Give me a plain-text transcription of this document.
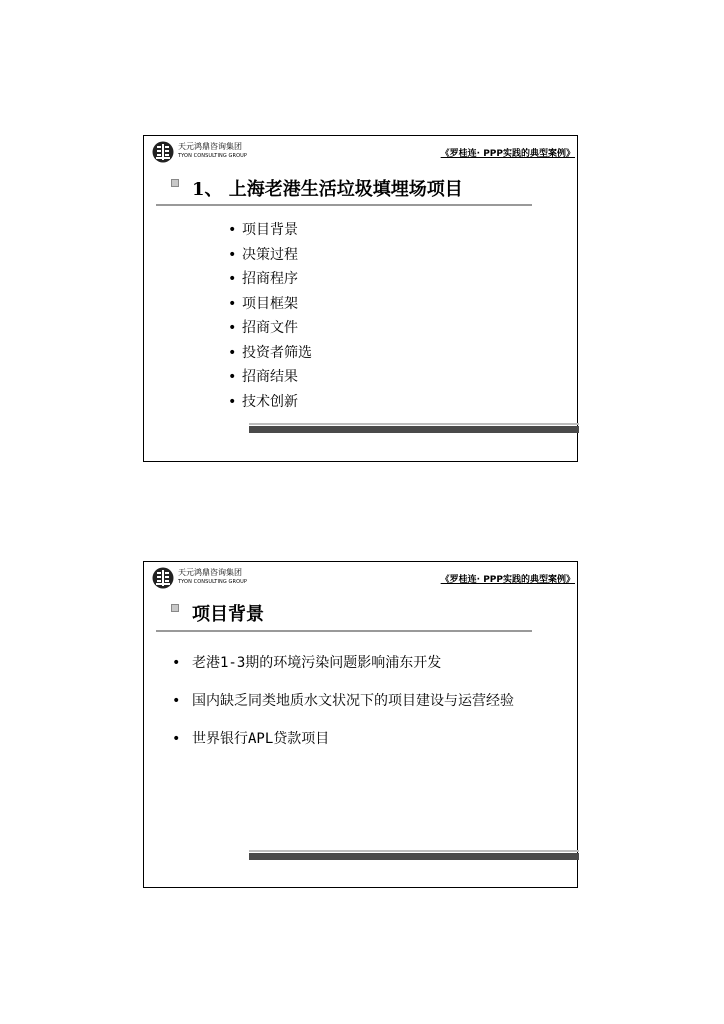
天元鸿鼎咨询集团
TYON CONSULTING GROUP	《罗桂连· PPP实践的典型案例》
1、 上海老港生活垃圾填埋场项目
• 项目背景
• 决策过程
• 招商程序
• 项目框架
• 招商文件
• 投资者筛选
• 招商结果
• 技术创新
天元鸿鼎咨询集团
TYON CONSULTING GROUP	《罗桂连· PPP实践的典型案例》
项目背景
• 老港1-3期的环境污染问题影响浦东开发
• 国内缺乏同类地质水文状况下的项目建设与运营经验
• 世界银行APL贷款项目
